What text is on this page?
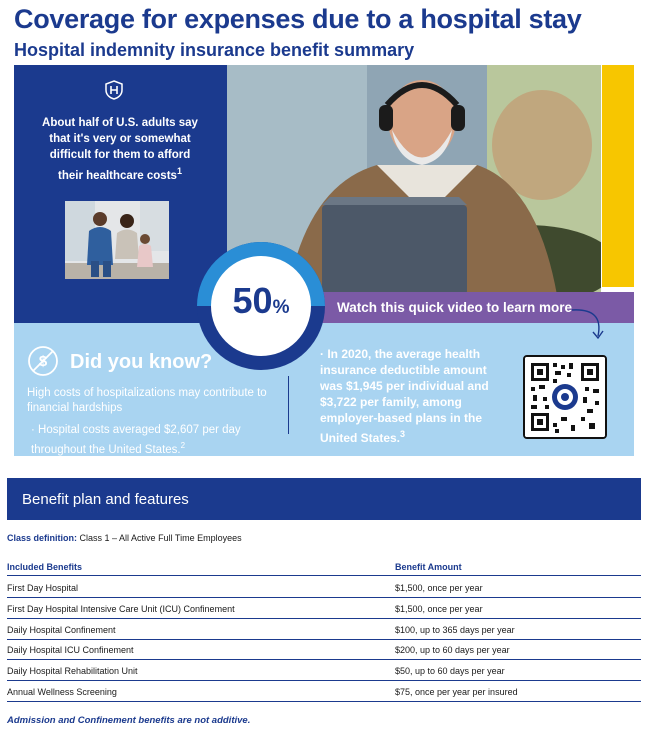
Coverage for expenses due to a hospital stay
Hospital indemnity insurance benefit summary
About half of U.S. adults say that it's very or somewhat difficult for them to afford their healthcare costs$^1$
Watch this quick video to learn more
50%
$ Did you know?
High costs of hospitalizations may contribute to financial hardships
· Hospital costs averaged $2,607 per day throughout the United States.$^2$
· In 2020, the average health insurance deductible amount was $1,945 per individual and $3,722 per family, among employer-based plans in the United States.$^3$
Benefit plan and features
Class definition: Class 1 – All Active Full Time Employees
Included Benefits	Benefit Amount
First Day Hospital	$1,500, once per year
First Day Hospital Intensive Care Unit (ICU) Confinement	$1,500, once per year
Daily Hospital Confinement	$100, up to 365 days per year
Daily Hospital ICU Confinement	$200, up to 60 days per year
Daily Hospital Rehabilitation Unit	$50, up to 60 days per year
Annual Wellness Screening	$75, once per year per insured
Admission and Confinement benefits are not additive.
